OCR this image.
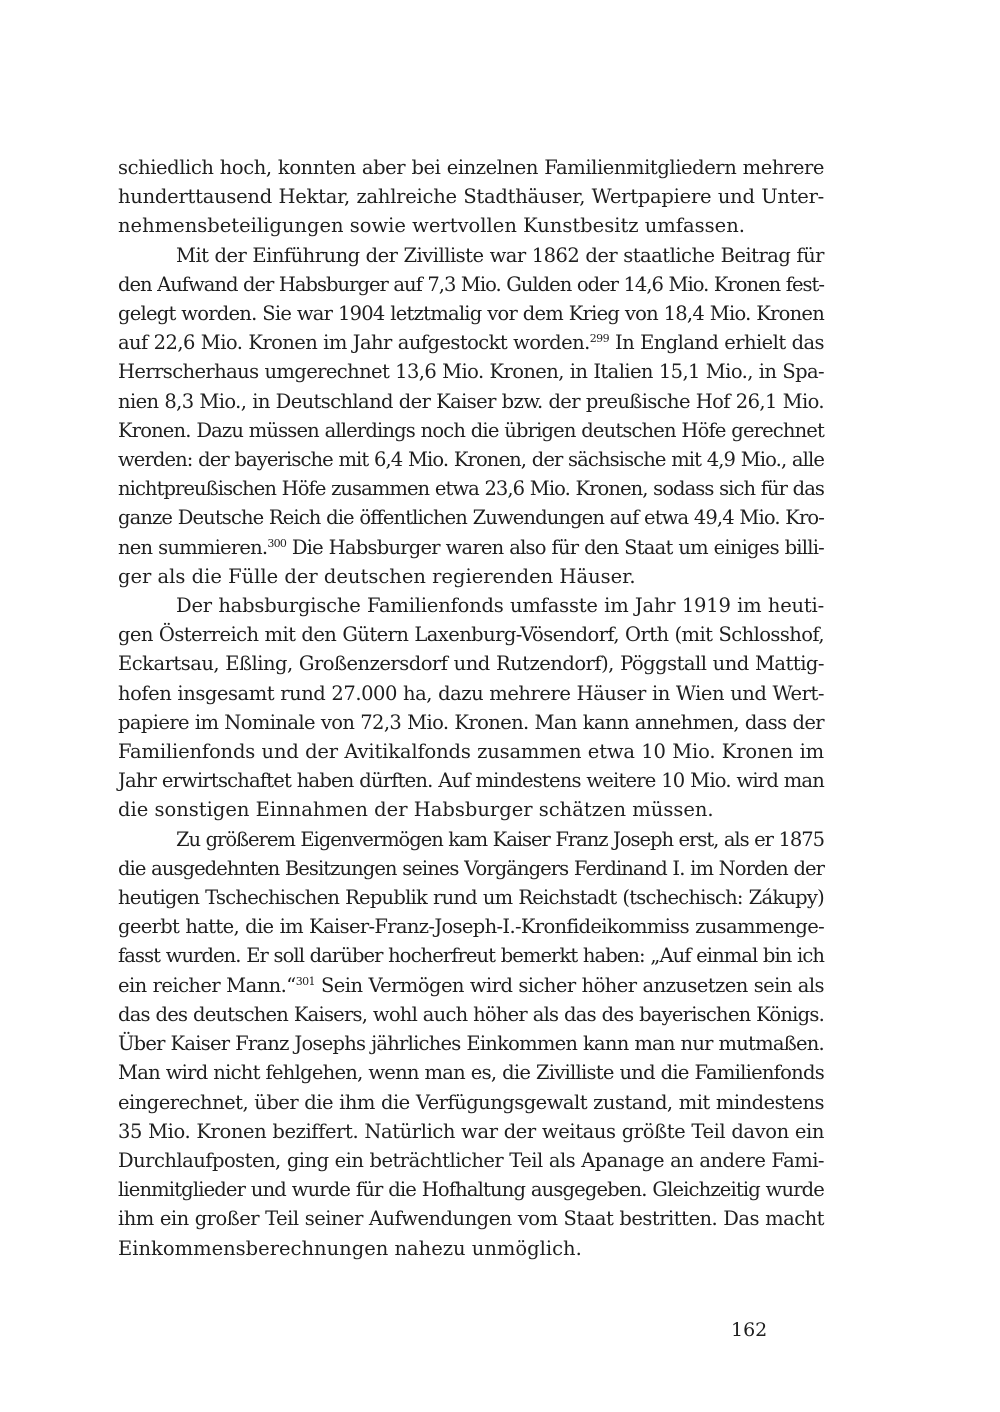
schiedlich hoch, konnten aber bei einzelnen Familienmitgliedern mehrere
hunderttausend Hektar, zahlreiche Stadthäuser, Wertpapiere und Unter-
nehmensbeteiligungen sowie wertvollen Kunstbesitz umfassen.
Mit der Einführung der Zivilliste war 1862 der staatliche Beitrag für
den Aufwand der Habsburger auf 7,3 Mio. Gulden oder 14,6 Mio. Kronen fest-
gelegt worden. Sie war 1904 letztmalig vor dem Krieg von 18,4 Mio. Kronen
auf 22,6 Mio. Kronen im Jahr aufgestockt worden.$^{299}$ In England erhielt das
Herrscherhaus umgerechnet 13,6 Mio. Kronen, in Italien 15,1 Mio., in Spa-
nien 8,3 Mio., in Deutschland der Kaiser bzw. der preußische Hof 26,1 Mio.
Kronen. Dazu müssen allerdings noch die übrigen deutschen Höfe gerechnet
werden: der bayerische mit 6,4 Mio. Kronen, der sächsische mit 4,9 Mio., alle
nichtpreußischen Höfe zusammen etwa 23,6 Mio. Kronen, sodass sich für das
ganze Deutsche Reich die öffentlichen Zuwendungen auf etwa 49,4 Mio. Kro-
nen summieren.$^{300}$ Die Habsburger waren also für den Staat um einiges billi-
ger als die Fülle der deutschen regierenden Häuser.
Der habsburgische Familienfonds umfasste im Jahr 1919 im heuti-
gen Österreich mit den Gütern Laxenburg-Vösendorf, Orth (mit Schlosshof,
Eckartsau, Eßling, Großenzersdorf und Rutzendorf), Pöggstall und Mattig-
hofen insgesamt rund 27.000 ha, dazu mehrere Häuser in Wien und Wert-
papiere im Nominale von 72,3 Mio. Kronen. Man kann annehmen, dass der
Familienfonds und der Avitikalfonds zusammen etwa 10 Mio. Kronen im
Jahr erwirtschaftet haben dürften. Auf mindestens weitere 10 Mio. wird man
die sonstigen Einnahmen der Habsburger schätzen müssen.
Zu größerem Eigenvermögen kam Kaiser Franz Joseph erst, als er 1875
die ausgedehnten Besitzungen seines Vorgängers Ferdinand I. im Norden der
heutigen Tschechischen Republik rund um Reichstadt (tschechisch: Zákupy)
geerbt hatte, die im Kaiser-Franz-Joseph-I.-Kronfideikommiss zusammenge-
fasst wurden. Er soll darüber hocherfreut bemerkt haben: „Auf einmal bin ich
ein reicher Mann.“$^{301}$ Sein Vermögen wird sicher höher anzusetzen sein als
das des deutschen Kaisers, wohl auch höher als das des bayerischen Königs.
Über Kaiser Franz Josephs jährliches Einkommen kann man nur mutmaßen.
Man wird nicht fehlgehen, wenn man es, die Zivilliste und die Familienfonds
eingerechnet, über die ihm die Verfügungsgewalt zustand, mit mindestens
35 Mio. Kronen beziffert. Natürlich war der weitaus größte Teil davon ein
Durchlaufposten, ging ein beträchtlicher Teil als Apanage an andere Fami-
lienmitglieder und wurde für die Hofhaltung ausgegeben. Gleichzeitig wurde
ihm ein großer Teil seiner Aufwendungen vom Staat bestritten. Das macht
Einkommensberechnungen nahezu unmöglich.
162
